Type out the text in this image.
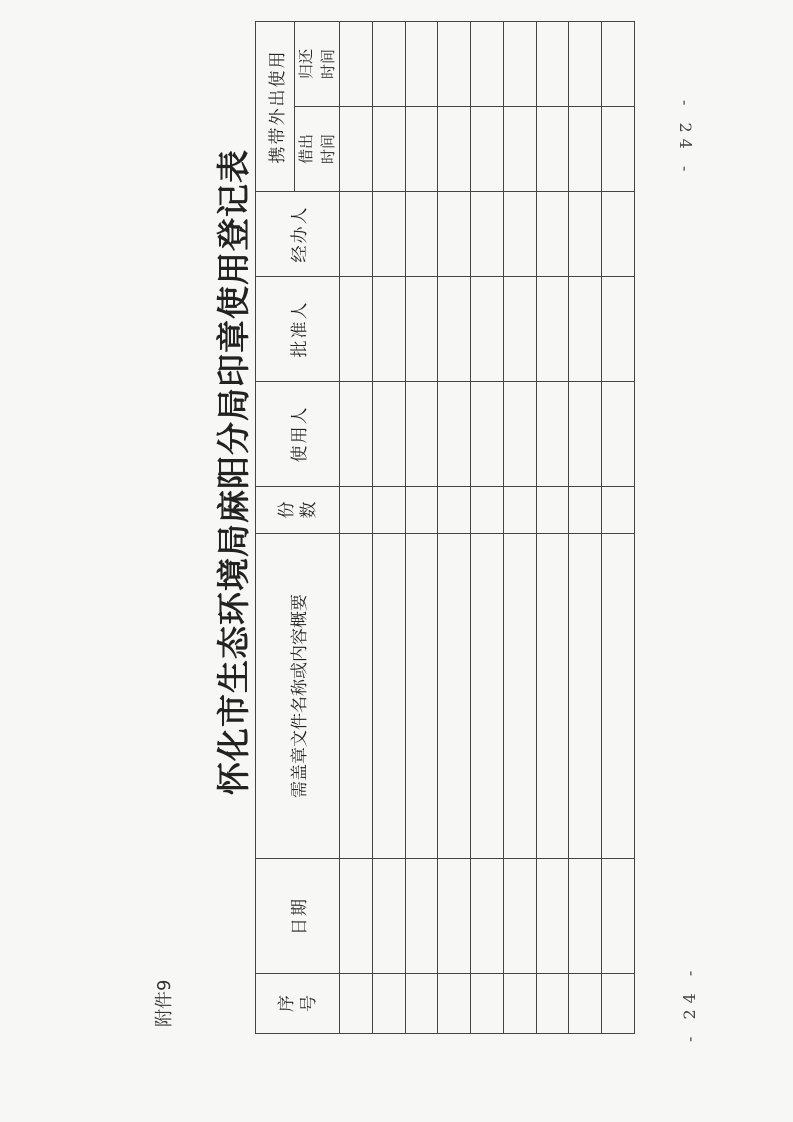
附件9
怀化市生态环境局麻阳分局印章使用登记表
序 号	日期	需盖章文件名称或内容概要	份 数	使用人	批准人	经办人	携带外出使用	
							借出 时间	归还 时间

- 24 -
- 24 -
